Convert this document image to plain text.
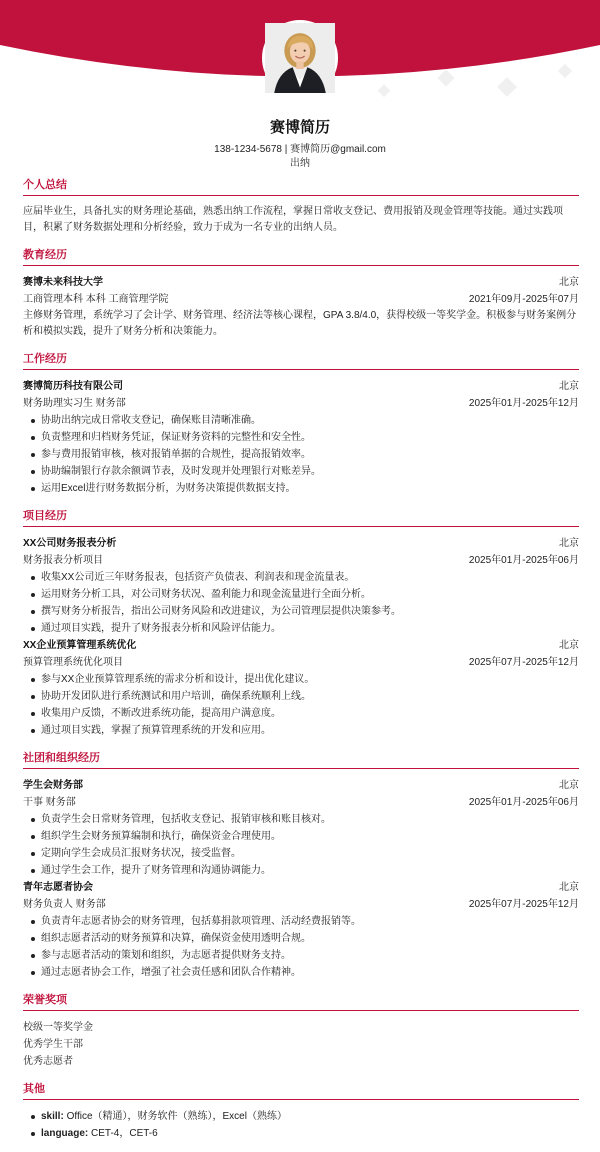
赛博简历
138-1234-5678 | 赛博简历@gmail.com
出纳
个人总结
应届毕业生，具备扎实的财务理论基础，熟悉出纳工作流程，掌握日常收支登记、费用报销及现金管理等技能。通过实践项目，积累了财务数据处理和分析经验，致力于成为一名专业的出纳人员。
教育经历
赛博未来科技大学	北京
工商管理本科 本科 工商管理学院	2021年09月-2025年07月
主修财务管理，系统学习了会计学、财务管理、经济法等核心课程，GPA 3.8/4.0，获得校级一等奖学金。积极参与财务案例分析和模拟实践，提升了财务分析和决策能力。
工作经历
赛博简历科技有限公司	北京
财务助理实习生 财务部	2025年01月-2025年12月
协助出纳完成日常收支登记，确保账目清晰准确。
负责整理和归档财务凭证，保证财务资料的完整性和安全性。
参与费用报销审核，核对报销单据的合规性，提高报销效率。
协助编制银行存款余额调节表，及时发现并处理银行对账差异。
运用Excel进行财务数据分析，为财务决策提供数据支持。
项目经历
XX公司财务报表分析	北京
财务报表分析项目	2025年01月-2025年06月
收集XX公司近三年财务报表，包括资产负债表、利润表和现金流量表。
运用财务分析工具，对公司财务状况、盈利能力和现金流量进行全面分析。
撰写财务分析报告，指出公司财务风险和改进建议，为公司管理层提供决策参考。
通过项目实践，提升了财务报表分析和风险评估能力。
XX企业预算管理系统优化	北京
预算管理系统优化项目	2025年07月-2025年12月
参与XX企业预算管理系统的需求分析和设计，提出优化建议。
协助开发团队进行系统测试和用户培训，确保系统顺利上线。
收集用户反馈，不断改进系统功能，提高用户满意度。
通过项目实践，掌握了预算管理系统的开发和应用。
社团和组织经历
学生会财务部	北京
干事 财务部	2025年01月-2025年06月
负责学生会日常财务管理，包括收支登记、报销审核和账目核对。
组织学生会财务预算编制和执行，确保资金合理使用。
定期向学生会成员汇报财务状况，接受监督。
通过学生会工作，提升了财务管理和沟通协调能力。
青年志愿者协会	北京
财务负责人 财务部	2025年07月-2025年12月
负责青年志愿者协会的财务管理，包括募捐款项管理、活动经费报销等。
组织志愿者活动的财务预算和决算，确保资金使用透明合规。
参与志愿者活动的策划和组织，为志愿者提供财务支持。
通过志愿者协会工作，增强了社会责任感和团队合作精神。
荣誉奖项
校级一等奖学金
优秀学生干部
优秀志愿者
其他
skill: Office（精通），财务软件（熟练），Excel（熟练）
language: CET-4，CET-6
